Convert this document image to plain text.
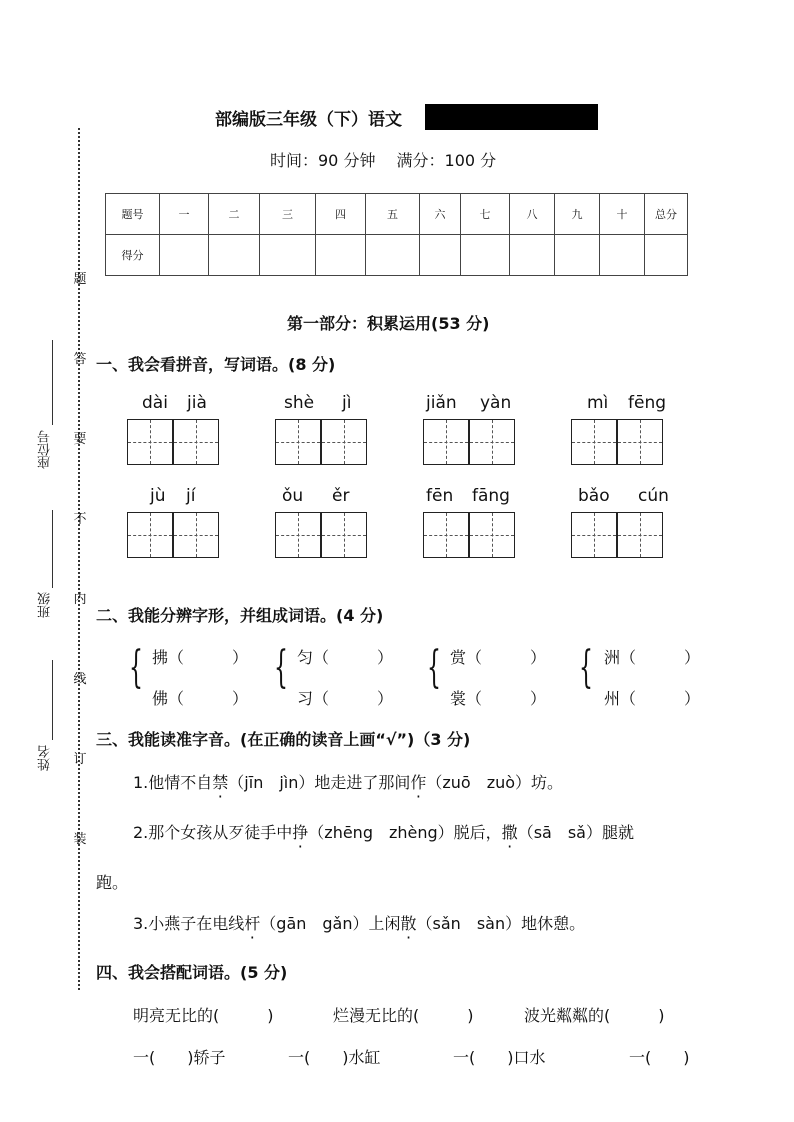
题
答
要
不
内
线
订
装
座位号
班级
姓名
部编版三年级（下）语文
时间：90 分钟　 满分：100 分
题号	一	二	三	四	五	六	七	八	九	十	总分
得分											
第一部分：积累运用(53 分)
一、我会看拼音，写词语。(8 分)
dài jià	shè jì	jiǎn yàn	mì fēng
jù jí	ǒu ěr	fēn fāng	bǎo cún
二、我能分辨字形，并组成词语。(4 分)
{ 拂（　　　）
佛（　　　）
{ 匀（　　　）
习（　　　）
{ 赏（　　　）
裳（　　　）
{ 洲（　　　）
州（　　　）
三、我能读准字音。(在正确的读音上画“√”)（3 分)
1.他情不自禁（jīn　jìn）地走进了那间作（zuō　zuò）坊。
2.那个女孩从歹徒手中挣（zhēng　zhèng）脱后，撒（sā　sǎ）腿就
跑。
3.小燕子在电线杆（gān　gǎn）上闲散（sǎn　sàn）地休憩。
四、我会搭配词语。(5 分)
明亮无比的(　　　)	烂漫无比的(　　　)	波光粼粼的(　　　)
一(　　)轿子	一(　　)水缸	一(　　)口水	一(　　)
